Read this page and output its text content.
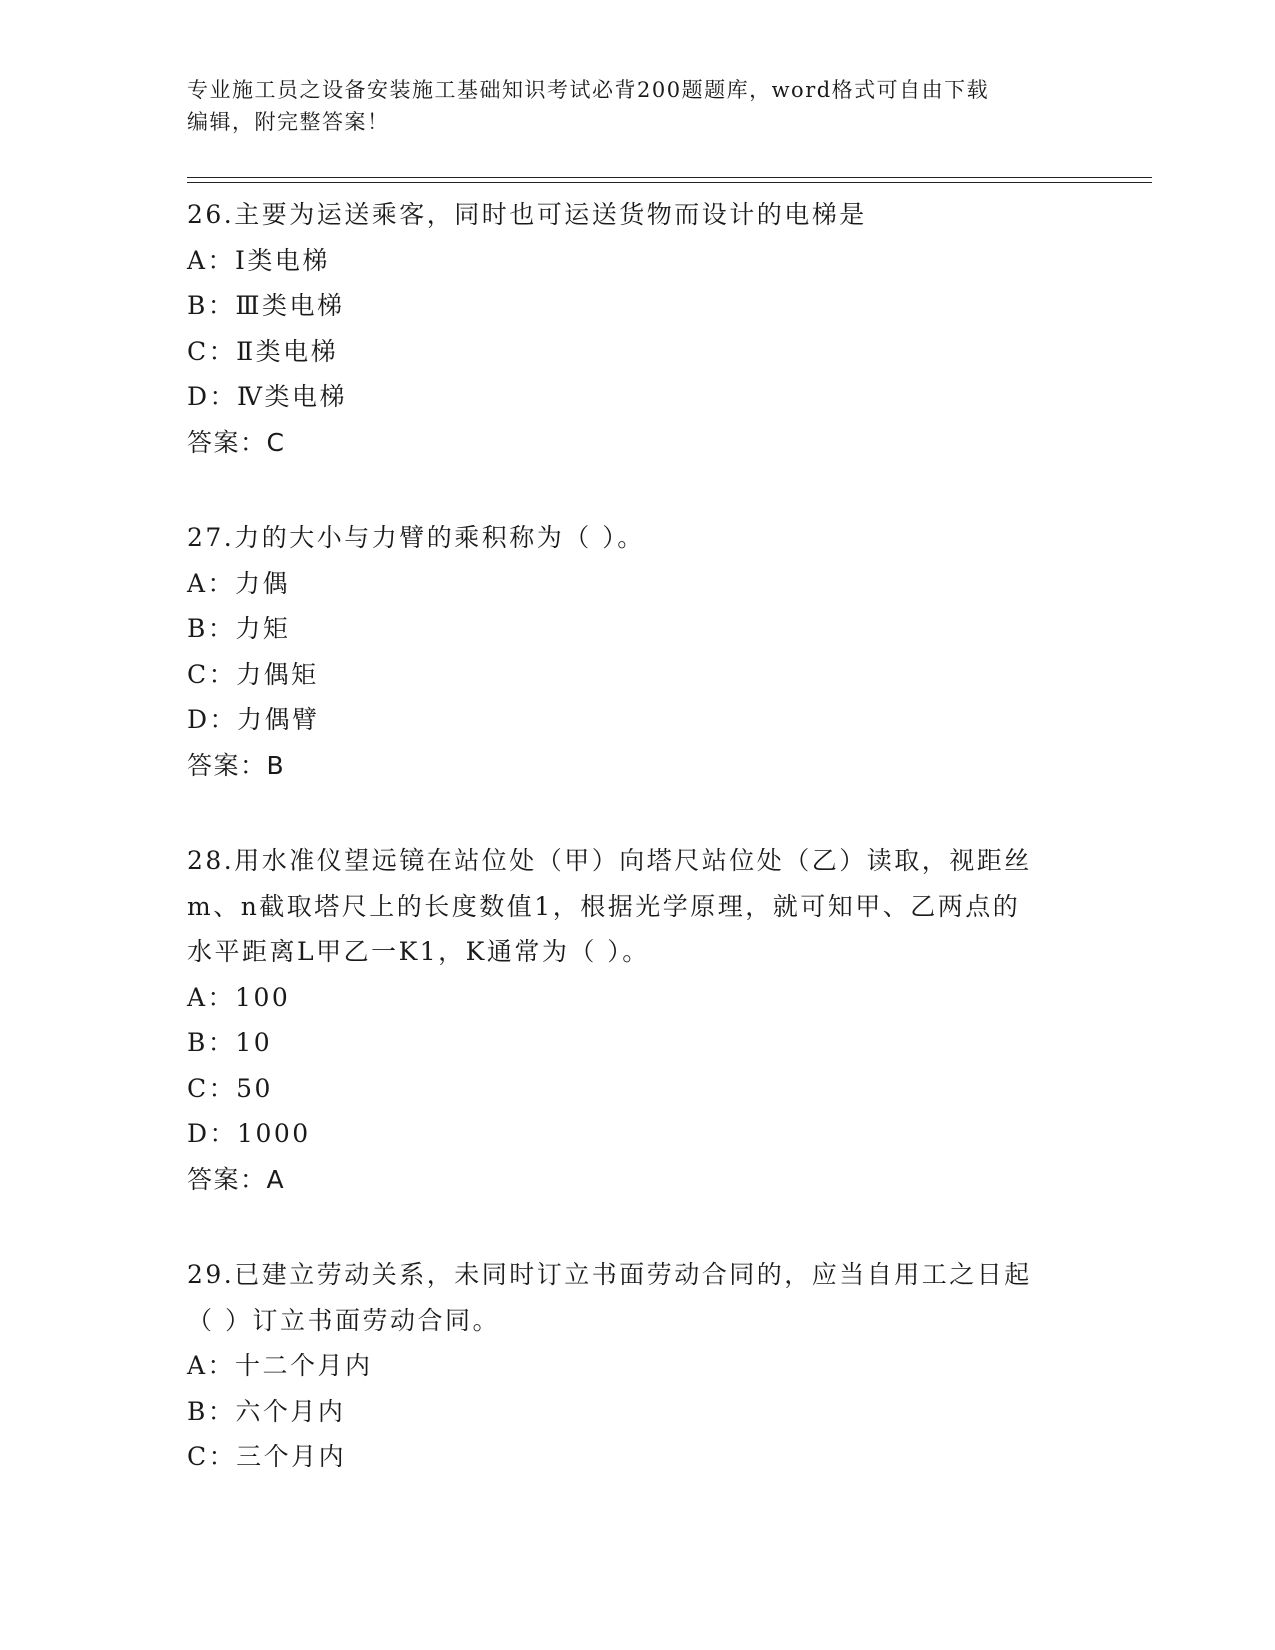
专业施工员之设备安装施工基础知识考试必背200题题库，word格式可自由下载
编辑，附完整答案！
26.主要为运送乘客，同时也可运送货物而设计的电梯是
A：Ⅰ类电梯
B：Ⅲ类电梯
C：Ⅱ类电梯
D：Ⅳ类电梯
答案：C
27.力的大小与力臂的乘积称为（ ）。
A：力偶
B：力矩
C：力偶矩
D：力偶臂
答案：B
28.用水准仪望远镜在站位处（甲）向塔尺站位处（乙）读取，视距丝
m、n截取塔尺上的长度数值1，根据光学原理，就可知甲、乙两点的
水平距离L甲乙一K1，K通常为（ ）。
A：100
B：10
C：50
D：1000
答案：A
29.已建立劳动关系，未同时订立书面劳动合同的，应当自用工之日起
（ ）订立书面劳动合同。
A：十二个月内
B：六个月内
C：三个月内
